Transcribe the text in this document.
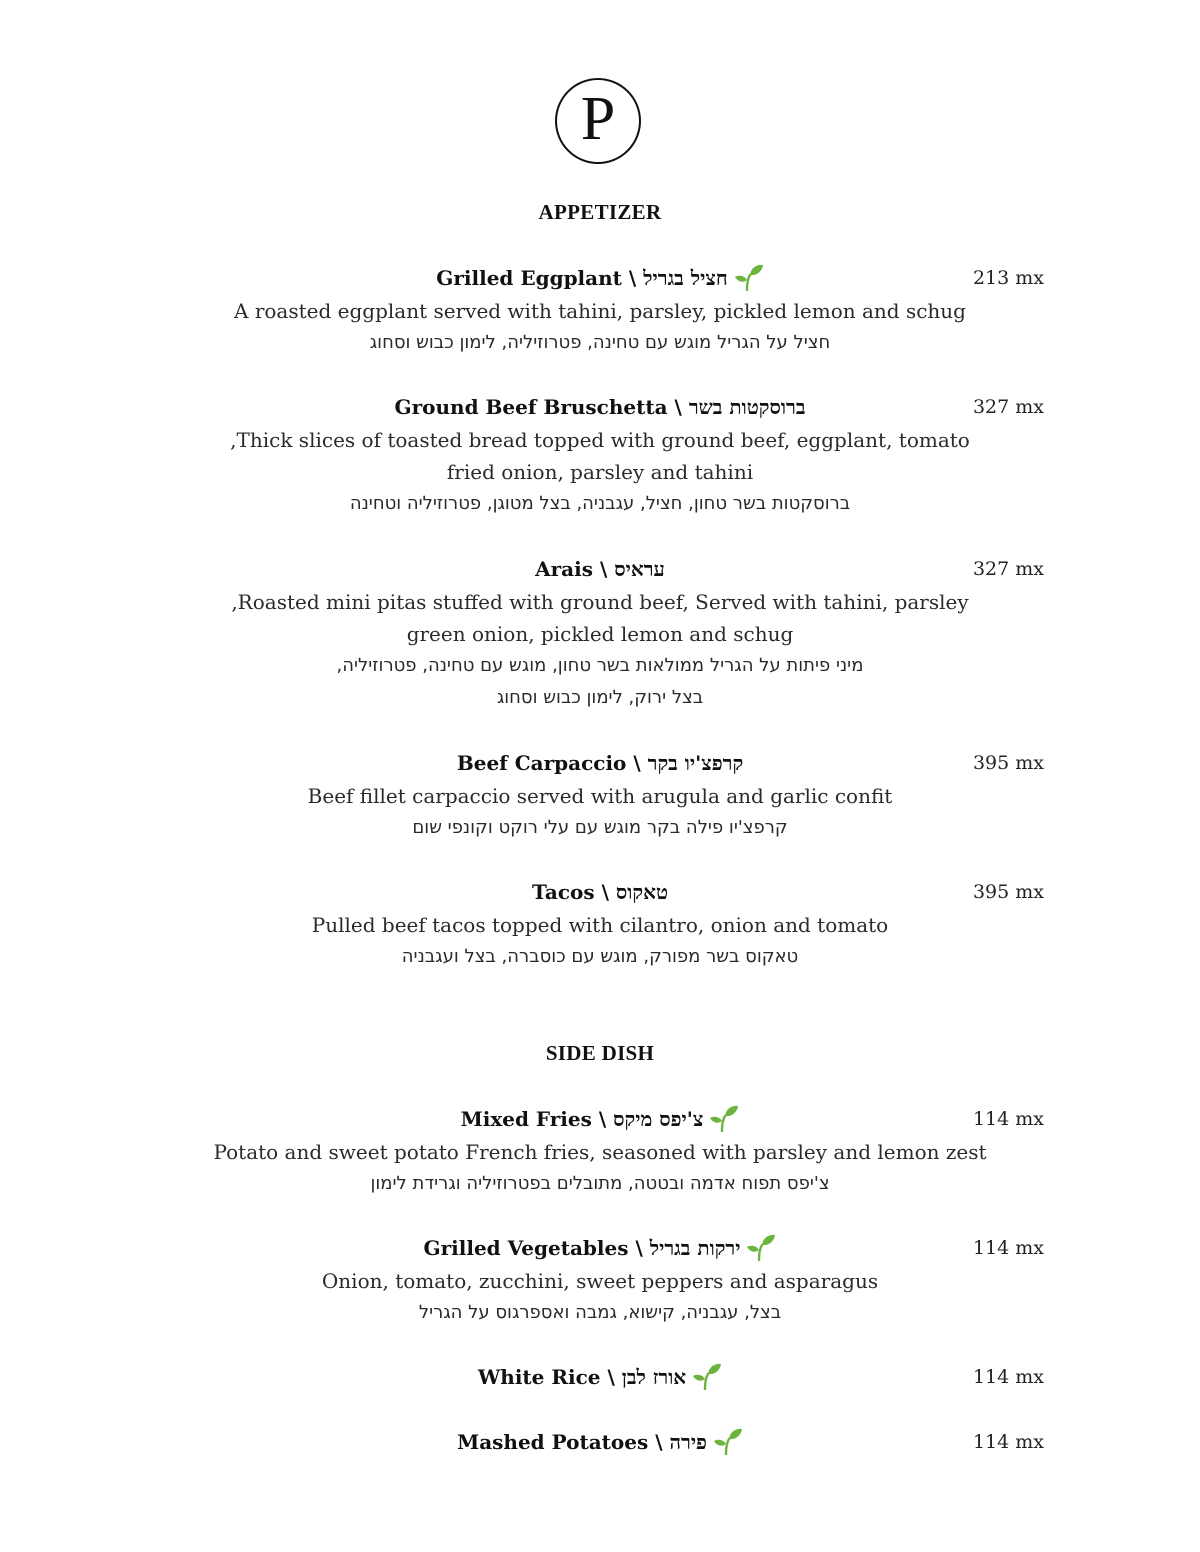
P
APPETIZER
Grilled Eggplant \ חציל בגריל	213 mx
A roasted eggplant served with tahini, parsley, pickled lemon and schug
חציל על הגריל מוגש עם טחינה, פטרוזיליה, לימון כבוש וסחוג
Ground Beef Bruschetta \ ברוסקטות בשר	327 mx
,Thick slices of toasted bread topped with ground beef, eggplant, tomato
fried onion, parsley and tahini
ברוסקטות בשר טחון, חציל, עגבניה, בצל מטוגן, פטרוזיליה וטחינה
Arais \ עראיס	327 mx
,Roasted mini pitas stuffed with ground beef, Served with tahini, parsley
green onion, pickled lemon and schug
מיני פיתות על הגריל ממולאות בשר טחון, מוגש עם טחינה, פטרוזיליה,
בצל ירוק, לימון כבוש וסחוג
Beef Carpaccio \ קרפצ'יו בקר	395 mx
Beef fillet carpaccio served with arugula and garlic confit
קרפצ'יו פילה בקר מוגש עם עלי רוקט וקונפי שום
Tacos \ טאקוס	395 mx
Pulled beef tacos topped with cilantro, onion and tomato
טאקוס בשר מפורק, מוגש עם כוסברה, בצל ועגבניה
SIDE DISH
Mixed Fries \ צ'יפס מיקס	114 mx
Potato and sweet potato French fries, seasoned with parsley and lemon zest
צ'יפס תפוח אדמה ובטטה, מתובלים בפטרוזיליה וגרידת לימון
Grilled Vegetables \ ירקות בגריל	114 mx
Onion, tomato, zucchini, sweet peppers and asparagus
בצל, עגבניה, קישוא, גמבה ואספרגוס על הגריל
White Rice \ אורז לבן	114 mx
Mashed Potatoes \ פירה	114 mx
